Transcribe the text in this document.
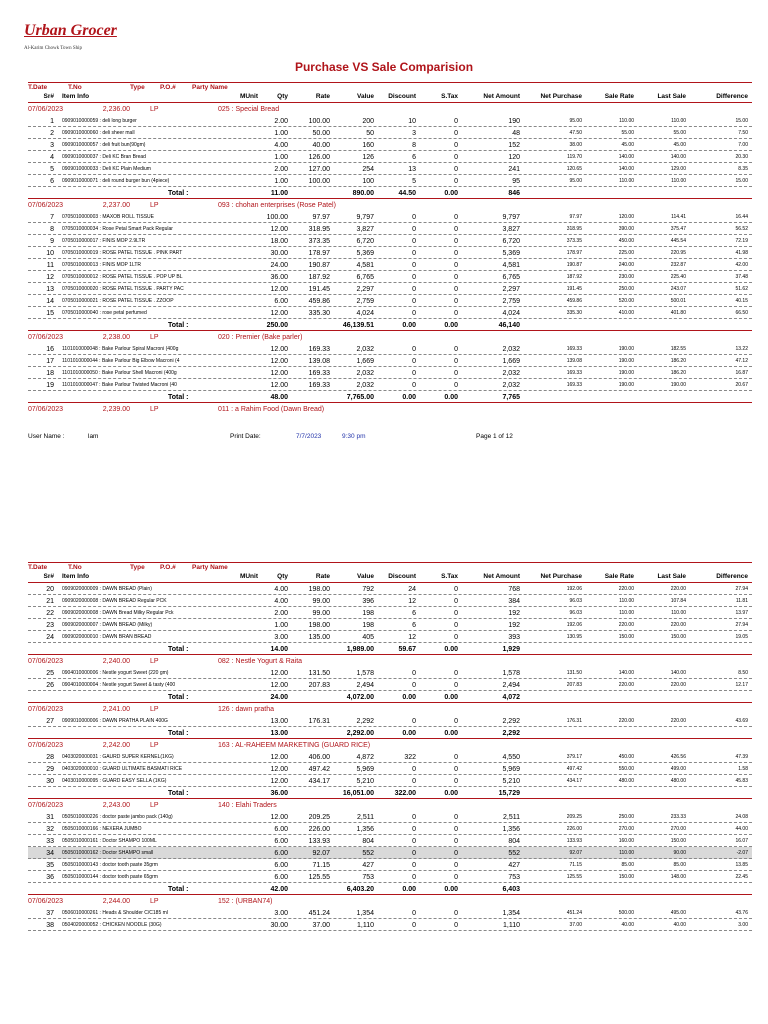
Urban Grocer
Al-Karim Chowk Town Ship
Purchase VS Sale Comparision
T.Date	T.No	Type P.O.# Party Name
Sr# Item Info	MUnit	Qty	Rate	Value	Discount	S.Tax	Net Amount	Net Purchase	Sale Rate	Last Sale	Difference
07/06/2023	2,236.00	LP	025 : Special Bread
1 0909010000059 : deli long burger	2.00	100.00	200	10	0	190	95.00	110.00	110.00	15.00
2 0909010000060 : deli sheer mall	1.00	50.00	50	3	0	48	47.50	55.00	55.00	7.50
3 0909010000057 : deli fruit bun(90gm)	4.00	40.00	160	8	0	152	38.00	45.00	45.00	7.00
4 0909010000037 : Deli KC Bran Bread	1.00	126.00	126	6	0	120	119.70	140.00	140.00	20.30
5 0909010000033 : Deli KC Plain Medium	2.00	127.00	254	13	0	241	120.65	140.00	129.00	8.35
6 0909010000071 : deli round burger bun (4piece)	1.00	100.00	100	5	0	95	95.00	110.00	110.00	15.00
Total :	11.00	890.00	44.50	0.00	846
07/06/2023	2,237.00	LP	093 : chohan enterprises (Rose Patel)
7 0705010000003 : MAXOB ROLL TISSUE	100.00	97.97	9,797	0	0	9,797	97.97	120.00	114.41	16.44
8 0705010000034 : Rose Petal Smart Pack Regular	12.00	318.95	3,827	0	0	3,827	318.95	390.00	375.47	56.52
9 0705010000017 : FINIS MOP 2.9LTR	18.00	373.35	6,720	0	0	6,720	373.35	450.00	445.54	72.19
10 0705010000019 : ROSE PATEL TISSUE . PINK PART	30.00	178.97	5,369	0	0	5,369	178.97	225.00	220.95	41.98
11 0705010000013 : FINIS MOP 1LTR	24.00	190.87	4,581	0	0	4,581	190.87	240.00	232.87	42.00
12 0705010000012 : ROSE PATEL TISSUE . POP UP BL	36.00	187.92	6,765	0	0	6,765	187.92	230.00	225.40	37.48
13 0705010000020 : ROSE PATEL TISSUE . PARTY PAC	12.00	191.45	2,297	0	0	2,297	191.45	250.00	243.07	51.62
14 0705010000021 : ROSE PATEL TISSUE . ZZOOP	6.00	459.86	2,759	0	0	2,759	459.86	520.00	500.01	40.15
15 0705010000040 : rose petal perfumed	12.00	335.30	4,024	0	0	4,024	335.30	410.00	401.80	66.50
Total :	250.00	46,139.51	0.00	0.00	46,140
07/06/2023	2,238.00	LP	020 : Premier (Bake parler)
16 1101010000048 : Bake Parlour Spiral Macroni (400g	12.00	169.33	2,032	0	0	2,032	169.33	190.00	182.55	13.22
17 1101010000044 : Bake Parlour Big Elbow Macroni (4	12.00	139.08	1,669	0	0	1,669	139.08	190.00	186.20	47.12
18 1101010000050 : Bake Parlour Shell Macroni (400g	12.00	169.33	2,032	0	0	2,032	169.33	190.00	186.20	16.87
19 1101010000047 : Bake Parlour Twisted Macroni (40	12.00	169.33	2,032	0	0	2,032	169.33	190.00	190.00	20.67
Total :	48.00	7,765.00	0.00	0.00	7,765
07/06/2023	2,239.00	LP	011 : a Rahim Food (Dawn Bread)
User Name :	lam	Print Date:	7/7/2023	9:30 pm	Page 1 of 12
T.Date	T.No	Type P.O.# Party Name
Sr# Item Info	MUnit	Qty	Rate	Value	Discount	S.Tax	Net Amount	Net Purchase	Sale Rate	Last Sale	Difference
20 0909020000009 : DAWN BREAD (Plain)	4.00	198.00	792	24	0	768	192.06	220.00	220.00	27.94
21 0909020000008 : DAWN BREAD Regular PCK	4.00	99.00	396	12	0	384	96.03	110.00	107.84	11.81
22 0909020000008 : DAWN Bread Milky Regular Pck	2.00	99.00	198	6	0	192	96.03	110.00	110.00	13.97
23 0909020000007 : DAWN BREAD (Milky)	1.00	198.00	198	6	0	192	192.06	220.00	220.00	27.94
24 0909020000010 : DAWN BRAN BREAD	3.00	135.00	405	12	0	393	130.95	150.00	150.00	19.05
Total :	14.00	1,989.00	59.67	0.00	1,929
07/06/2023	2,240.00	LP	082 : Nestle Yogurt & Raita
25 0904010000006 : Nestle yogurt Sweet (220 gm)	12.00	131.50	1,578	0	0	1,578	131.50	140.00	140.00	8.50
26 0904010000004 : Nestle yogurt Sweet & tasty (400	12.00	207.83	2,494	0	0	2,494	207.83	220.00	220.00	12.17
Total :	24.00	4,072.00	0.00	0.00	4,072
07/06/2023	2,241.00	LP	126 : dawn pratha
27 0909010000006 : DAWN PRATHA PLAIN 400G	13.00	176.31	2,292	0	0	2,292	176.31	220.00	220.00	43.69
Total :	13.00	2,292.00	0.00	0.00	2,292
07/06/2023	2,242.00	LP	163 : AL-RAHEEM MARKETING (GUARD RICE)
28 0403020000031 : GAURD SUPER KERNEL(1KG)	12.00	406.00	4,872	322	0	4,550	379.17	450.00	426.56	47.39
29 0403020000010 : GUARD ULTIMATE BASMATI RICE	12.00	497.42	5,969	0	0	5,969	497.42	550.00	499.00	1.58
30 0403010000095 : GUARD EASY SELLA (1KG)	12.00	434.17	5,210	0	0	5,210	434.17	480.00	480.00	45.83
Total :	36.00	16,051.00	322.00	0.00	15,729
07/06/2023	2,243.00	LP	140 : Elahi Traders
31 0505010000226 : doctor paste jambo pack (140g)	12.00	209.25	2,511	0	0	2,511	209.25	250.00	233.33	24.08
32 0505010000166 : NEXERA JUMBO	6.00	226.00	1,356	0	0	1,356	226.00	270.00	270.00	44.00
33 0505010000161 : Doctor SHAMPO 100ML	6.00	133.93	804	0	0	804	133.93	160.00	150.00	16.07
34 0505010000162 : Doctor SHAMPO small	6.00	92.07	552	0	0	552	92.07	110.00	90.00	-2.07
35 0505010000143 : doctor tooth paste 35grm	6.00	71.15	427	0	0	427	71.15	85.00	85.00	13.85
36 0505010000144 : doctor tooth paste 65grm	6.00	125.55	753	0	0	753	125.55	150.00	148.00	22.45
Total :	42.00	6,403.20	0.00	0.00	6,403
07/06/2023	2,244.00	LP	152 : (URBAN74)
37 0506010000261 : Heads & Shoulder C/C185 ml	3.00	451.24	1,354	0	0	1,354	451.24	500.00	495.00	43.76
38 0504020000052 : CHICKEN NOODLE (30G)	30.00	37.00	1,110	0	0	1,110	37.00	40.00	40.00	3.00
